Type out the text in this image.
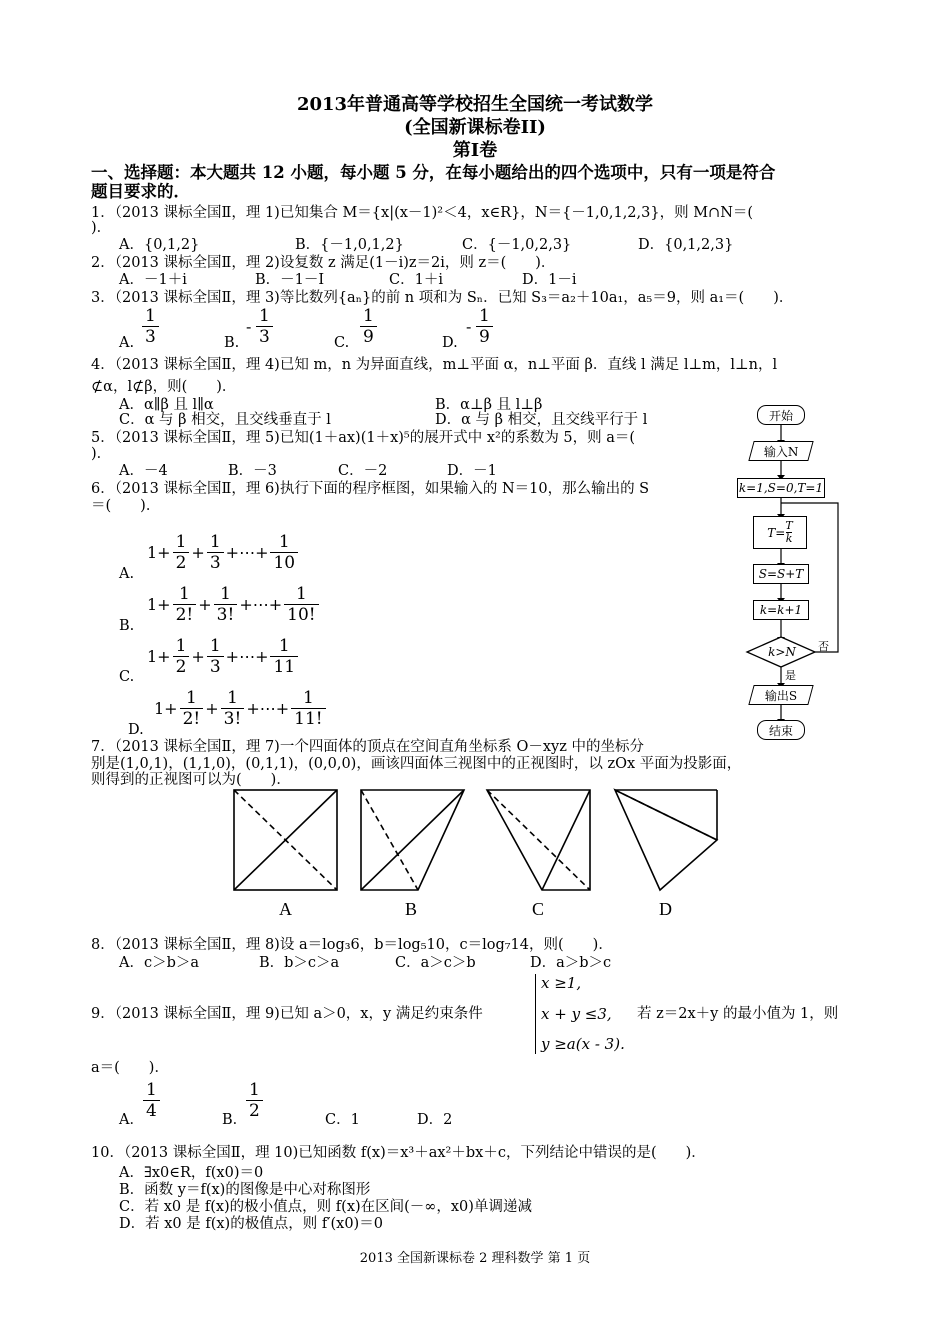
2013年普通高等学校招生全国统一考试数学
(全国新课标卷II)
第Ⅰ卷
一、选择题：本大题共 12 小题，每小题 5 分，在每小题给出的四个选项中，只有一项是符合
题目要求的．
1．（2013 课标全国Ⅱ，理 1)已知集合 M＝{x|(x－1)²＜4，x∈R}，N＝{－1,0,1,2,3}，则 M∩N＝(
)．
A．{0,1,2}	B．{－1,0,1,2}	C．{－1,0,2,3}	D．{0,1,2,3}
2．（2013 课标全国Ⅱ，理 2)设复数 z 满足(1－i)z＝2i，则 z＝(　　)．
A．－1＋i	B．－1－I	C．1＋i	D．1－i
3．（2013 课标全国Ⅱ，理 3)等比数列{aₙ}的前 n 项和为 Sₙ．已知 S₃＝a₂＋10a₁，a₅＝9，则 a₁＝(　　)．
A. $\frac{1}{3}$	B.
- $\frac{1}{3}$	C. $\frac{1}{9}$	D.
- $\frac{1}{9}$
4．（2013 课标全国Ⅱ，理 4)已知 m，n 为异面直线，m⊥平面 α，n⊥平面 β．直线 l 满足 l⊥m，l⊥n，l
⊄α，l⊄β，则(　　)．
A．α∥β 且 l∥α	B．α⊥β 且 l⊥β
C．α 与 β 相交，且交线垂直于 l	D．α 与 β 相交，且交线平行于 l
5．（2013 课标全国Ⅱ，理 5)已知(1＋ax)(1＋x)⁵的展开式中 x²的系数为 5，则 a＝(
)．
A．－4	B．－3	C．－2	D．－1
6．（2013 课标全国Ⅱ，理 6)执行下面的程序框图，如果输入的 N＝10，那么输出的 S
＝(　　)．
A.
$1+ \frac{1}{2} + \frac{1}{3}$ +⋯+ $\frac{1}{10}$
B.
$1+ \frac{1}{2!} + \frac{1}{3!}$ +⋯+ $\frac{1}{10!}$
C.
$1+ \frac{1}{2} + \frac{1}{3}$ +⋯+ $\frac{1}{11}$
D.
$1+ \frac{1}{2!} + \frac{1}{3!}$ +⋯+ $\frac{1}{11!}$
开始
输入N
k=1,S=0,T=1
$T= \frac{T}{k}$
S=S+T
k=k+1
k>N	否
是
输出S
结束
7．（2013 课标全国Ⅱ，理 7)一个四面体的顶点在空间直角坐标系 O－xyz 中的坐标分
别是(1,0,1)，(1,1,0)，(0,1,1)，(0,0,0)，画该四面体三视图中的正视图时，以 zOx 平面为投影面，
则得到的正视图可以为(　　)．
A	B	C	D
8．（2013 课标全国Ⅱ，理 8)设 a＝log₃6，b＝log₅10，c＝log₇14，则(　　)．
A．c＞b＞a	B．b＞c＞a	C．a＞c＞b	D．a＞b＞c
9．（2013 课标全国Ⅱ，理 9)已知 a＞0，x，y 满足约束条件
x ≥1,
x + y ≤3,
y ≥a(x - 3).
若 z＝2x＋y 的最小值为 1，则
a＝(　　)．
A． $\frac{1}{4}$	B．
$\frac{1}{2}$	C．1	D．2
10．（2013 课标全国Ⅱ，理 10)已知函数 f(x)＝x³＋ax²＋bx＋c，下列结论中错误的是(　　)．
A．∃x0∈R，f(x0)＝0
B．函数 y＝f(x)的图像是中心对称图形
C．若 x0 是 f(x)的极小值点，则 f(x)在区间(－∞，x0)单调递减
D．若 x0 是 f(x)的极值点，则 f′(x0)＝0
2013 全国新课标卷 2 理科数学 第 1 页
